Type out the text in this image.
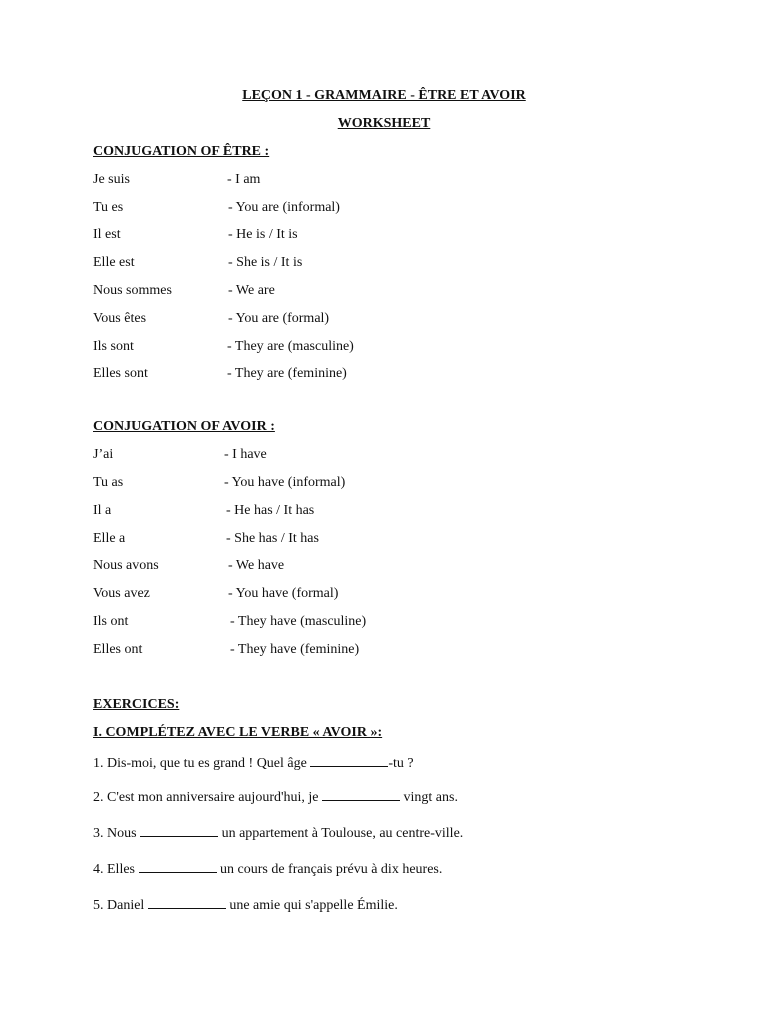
LEÇON 1 - GRAMMAIRE - ÊTRE ET AVOIR
WORKSHEET
CONJUGATION OF ÊTRE :
Je suis	- I am
Tu es	- You are (informal)
Il est	- He is / It is
Elle est	- She is / It is
Nous sommes	- We are
Vous êtes	- You are (formal)
Ils sont	- They are (masculine)
Elles sont	- They are (feminine)
CONJUGATION OF AVOIR :
J’ai	- I have
Tu as	- You have (informal)
Il a	- He has / It has
Elle a	- She has / It has
Nous avons	- We have
Vous avez	- You have (formal)
Ils ont	- They have (masculine)
Elles ont	- They have (feminine)
EXERCICES:
I. COMPLÉTEZ AVEC LE VERBE « AVOIR »:
1. Dis-moi, que tu es grand ! Quel âge	-tu ?
2. C'est mon anniversaire aujourd'hui, je	vingt ans.
3. Nous	un appartement à Toulouse, au centre-ville.
4. Elles	un cours de français prévu à dix heures.
5. Daniel	une amie qui s'appelle Émilie.
